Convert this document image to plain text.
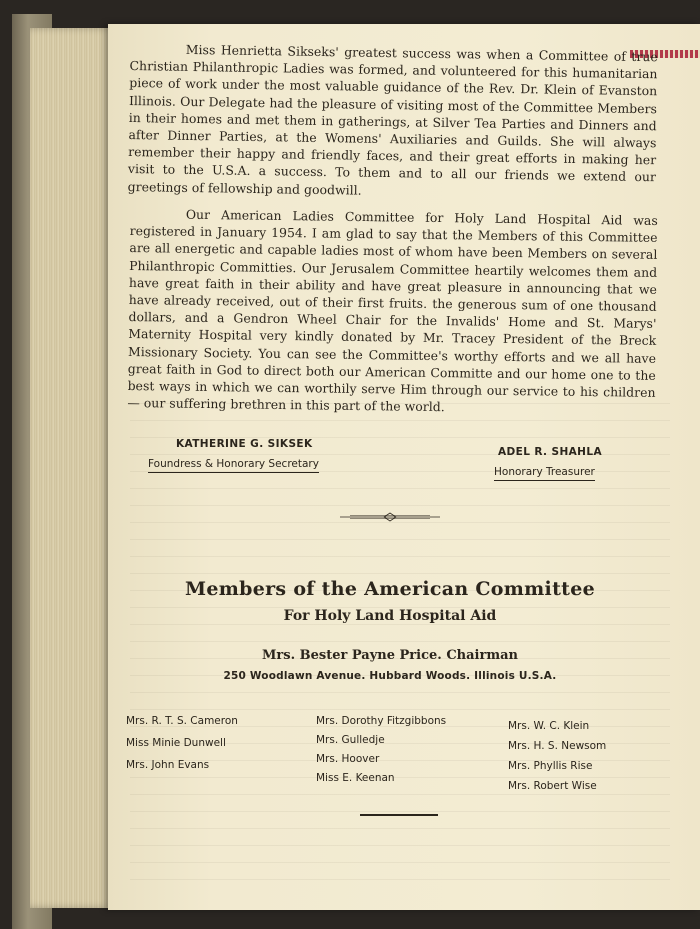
Miss Henrietta Sikseks' greatest success was when a Committee of true Christian Philanthropic Ladies was formed, and volunteered for this humanitarian piece of work under the most valuable guidance of the Rev. Dr. Klein of Evanston Illinois. Our Delegate had the pleasure of visiting most of the Committee Members in their homes and met them in gatherings, at Silver Tea Parties and Dinners and after Dinner Parties, at the Womens' Auxiliaries and Guilds. She will always remember their happy and friendly faces, and their great efforts in making her visit to the U.S.A. a success. To them and to all our friends we extend our greetings of fellowship and goodwill.

Our American Ladies Committee for Holy Land Hospital Aid was registered in January 1954. I am glad to say that the Members of this Committee are all energetic and capable ladies most of whom have been Members on several Philanthropic Committies. Our Jerusalem Committee heartily welcomes them and have great faith in their ability and have great pleasure in announcing that we have already received, out of their first fruits. the generous sum of one thousand dollars, and a Gendron Wheel Chair for the Invalids' Home and St. Marys' Maternity Hospital very kindly donated by Mr. Tracey President of the Breck Missionary Society. You can see the Committee's worthy efforts and we all have great faith in God to direct both our American Committe and our home one to the best ways in which we can worthily serve Him through our service to his children — our suffering brethren in this part of the world.

KATHERINE G. SIKSEK
Foundress & Honorary Secretary
ADEL R. SHAHLA
Honorary Treasurer
Members of the American Committee
For Holy Land Hospital Aid
Mrs. Bester Payne Price. Chairman
250 Woodlawn Avenue. Hubbard Woods. Illinois U.S.A.
Mrs. R. T. S. Cameron
Miss Minie Dunwell
Mrs. John Evans
Mrs. Dorothy Fitzgibbons
Mrs. Gulledje
Mrs. Hoover
Miss E. Keenan
Mrs. W. C. Klein
Mrs. H. S. Newsom
Mrs. Phyllis Rise
Mrs. Robert Wise
